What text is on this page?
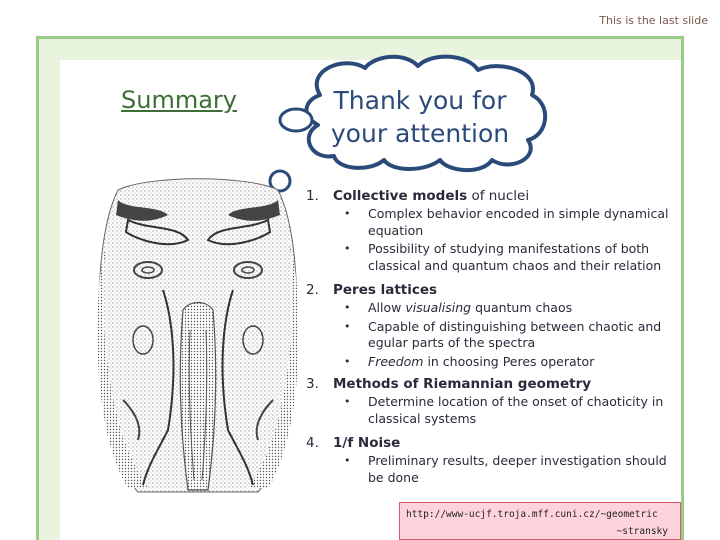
This is the last slide
Summary	Thank you for
your attention
1. Collective models of nuclei
• Complex behavior encoded in simple dynamical equation
• Possibility of studying manifestations of both classical and quantum chaos and their relation
2. Peres lattices
• Allow visualising quantum chaos
• Capable of distinguishing between chaotic and egular parts of the spectra
• Freedom in choosing Peres operator
3. Methods of Riemannian geometry
• Determine location of the onset of chaoticity in classical systems
4. 1/f Noise
• Preliminary results, deeper investigation should be done
http://www-ucjf.troja.mff.cuni.cz/~geometric
~stransky
